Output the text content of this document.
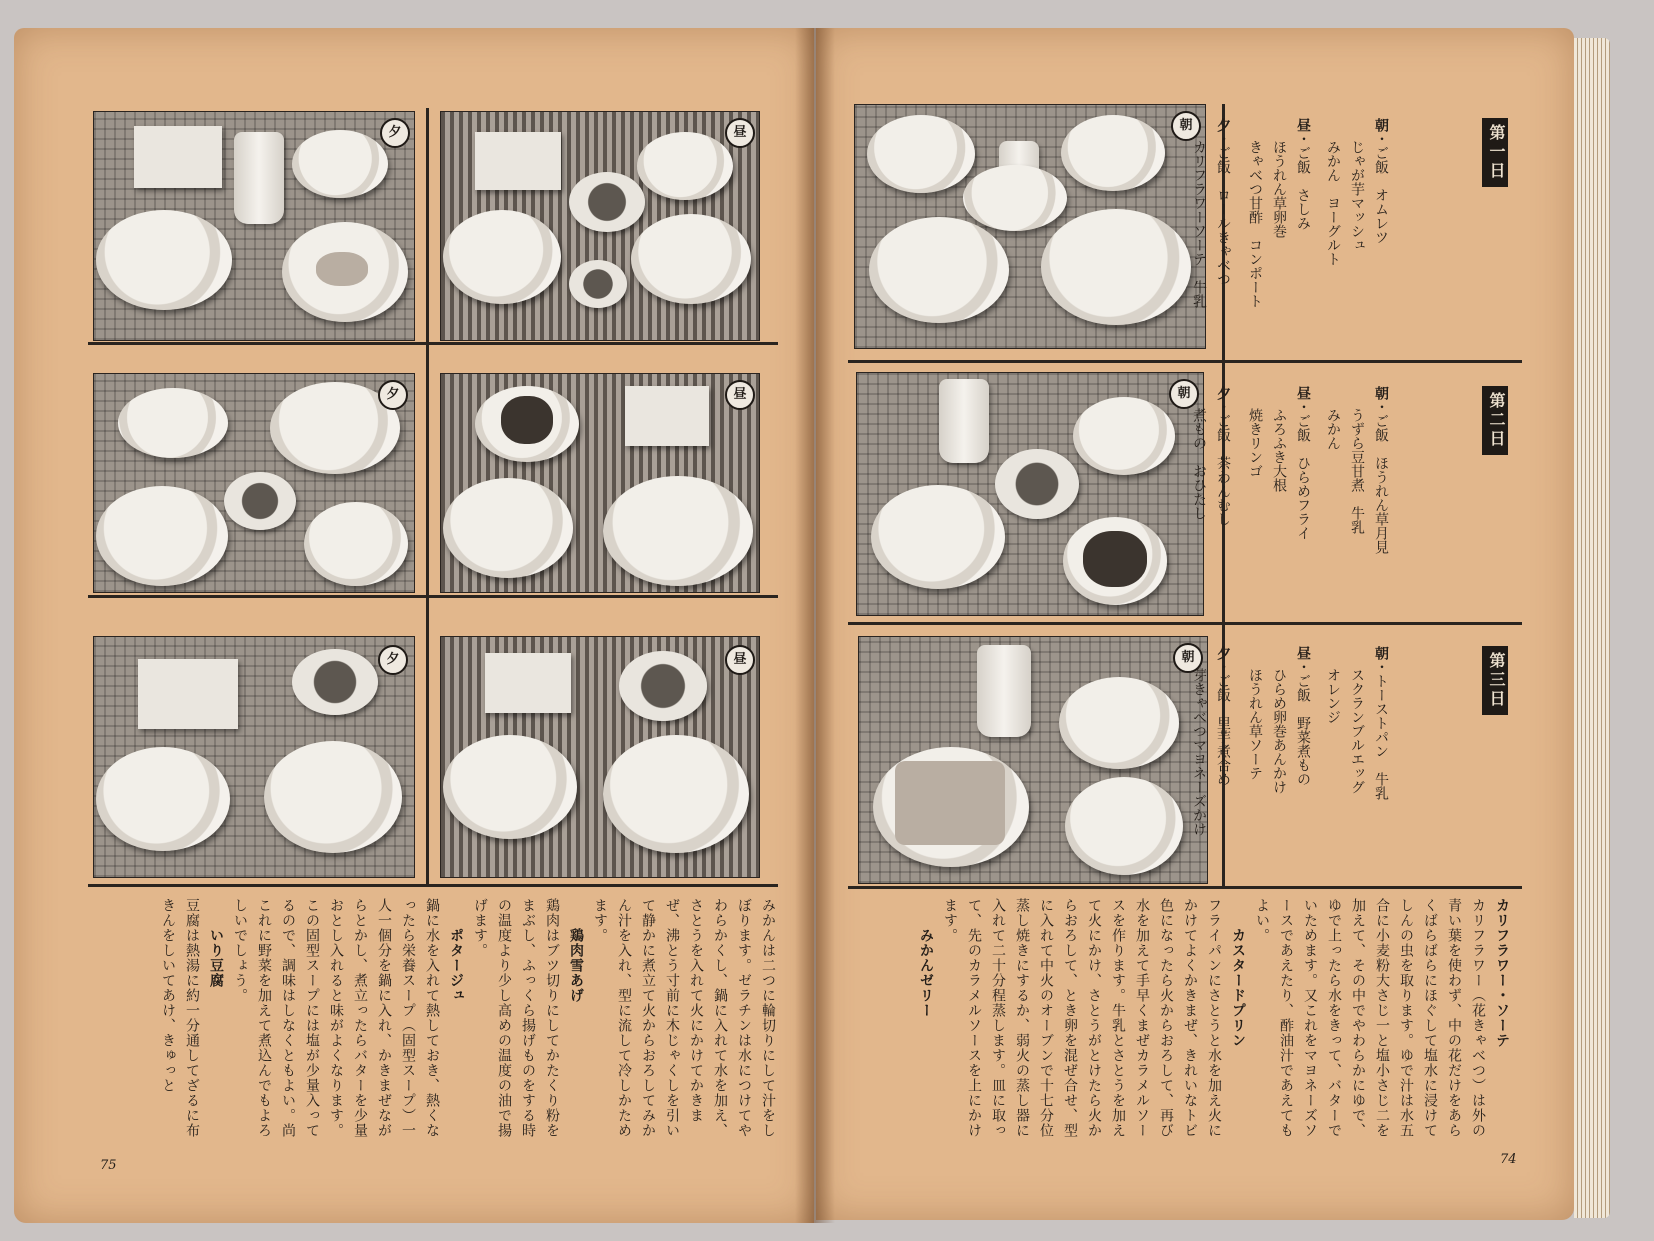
夕	昼
夕	昼
夕	昼

みかんは二つに輪切りにして汁をしぼります。ゼラチンは水につけてやわらかくし、鍋に入れて水を加え、さとうを入れて火にかけてかきまぜ、沸とう寸前に木じゃくしを引いて静かに煮立て火からおろしてみかん汁を入れ、型に流して冷しかためます。

鶏肉雪あげ

鶏肉はブツ切りにしてかたくり粉をまぶし、ふっくら揚げものをする時の温度より少し高めの温度の油で揚げます。

ポタージュ

鍋に水を入れて熱しておき、熱くなったら栄養スープ（固型スープ）一人一個分を鍋に入れ、かきまぜながらとかし、煮立ったらバターを少量おとし入れると味がよくなります。この固型スープには塩が少量入ってるので、調味はしなくともよい。尚これに野菜を加えて煮込んでもよろしいでしょう。

いり豆腐

豆腐は熱湯に約一分通してざるに布きんをしいてあけ、きゅっと

75
朝
朝
朝
第一日
朝・ご飯　オムレツ
じゃが芋マッシュ
みかん　ヨーグルト
昼・ご飯　さしみ
ほうれん草卵巻
きゃべつ甘酢　コンポート
夕・ご飯　ロールきゃべつ
カリフラワーソーテ　牛乳
第二日
朝・ご飯　ほうれん草月見
うずら豆甘煮　牛乳
みかん
昼・ご飯　ひらめフライ
ふろふき大根
焼きリンゴ
夕・ご飯　茶わんむし
煮もの　おひたし
第三日
朝・トーストパン　牛乳
スクランブルエッグ
オレンジ
昼・ご飯　野菜煮もの
ひらめ卵巻あんかけ
ほうれん草ソーテ
夕・ご飯　里芋煮合め
芽きゃべつマヨネーズかけ

カリフラワー・ソーテ

カリフラワー（花きゃべつ）は外の青い葉を使わず、中の花だけをあらくばらばらにほぐして塩水に浸けてしんの虫を取ります。ゆで汁は水五合に小麦粉大さじ一と塩小さじ二を加えて、その中でやわらかにゆで、ゆで上ったら水をきって、バターでいためます。又これをマヨネーズソースであえたり、酢油汁であえてもよい。

カスタードプリン

フライパンにさとうと水を加え火にかけてよくかきまぜ、きれいなトビ色になったら火からおろして、再び水を加えて手早くまぜカラメルソースを作ります。牛乳とさとうを加えて火にかけ、さとうがとけたら火からおろして、とき卵を混ぜ合せ、型に入れて中火のオーブンで十七分位蒸し焼きにするか、弱火の蒸し器に入れて二十分程蒸します。皿に取って、先のカラメルソースを上にかけます。

みかんゼリー

74
